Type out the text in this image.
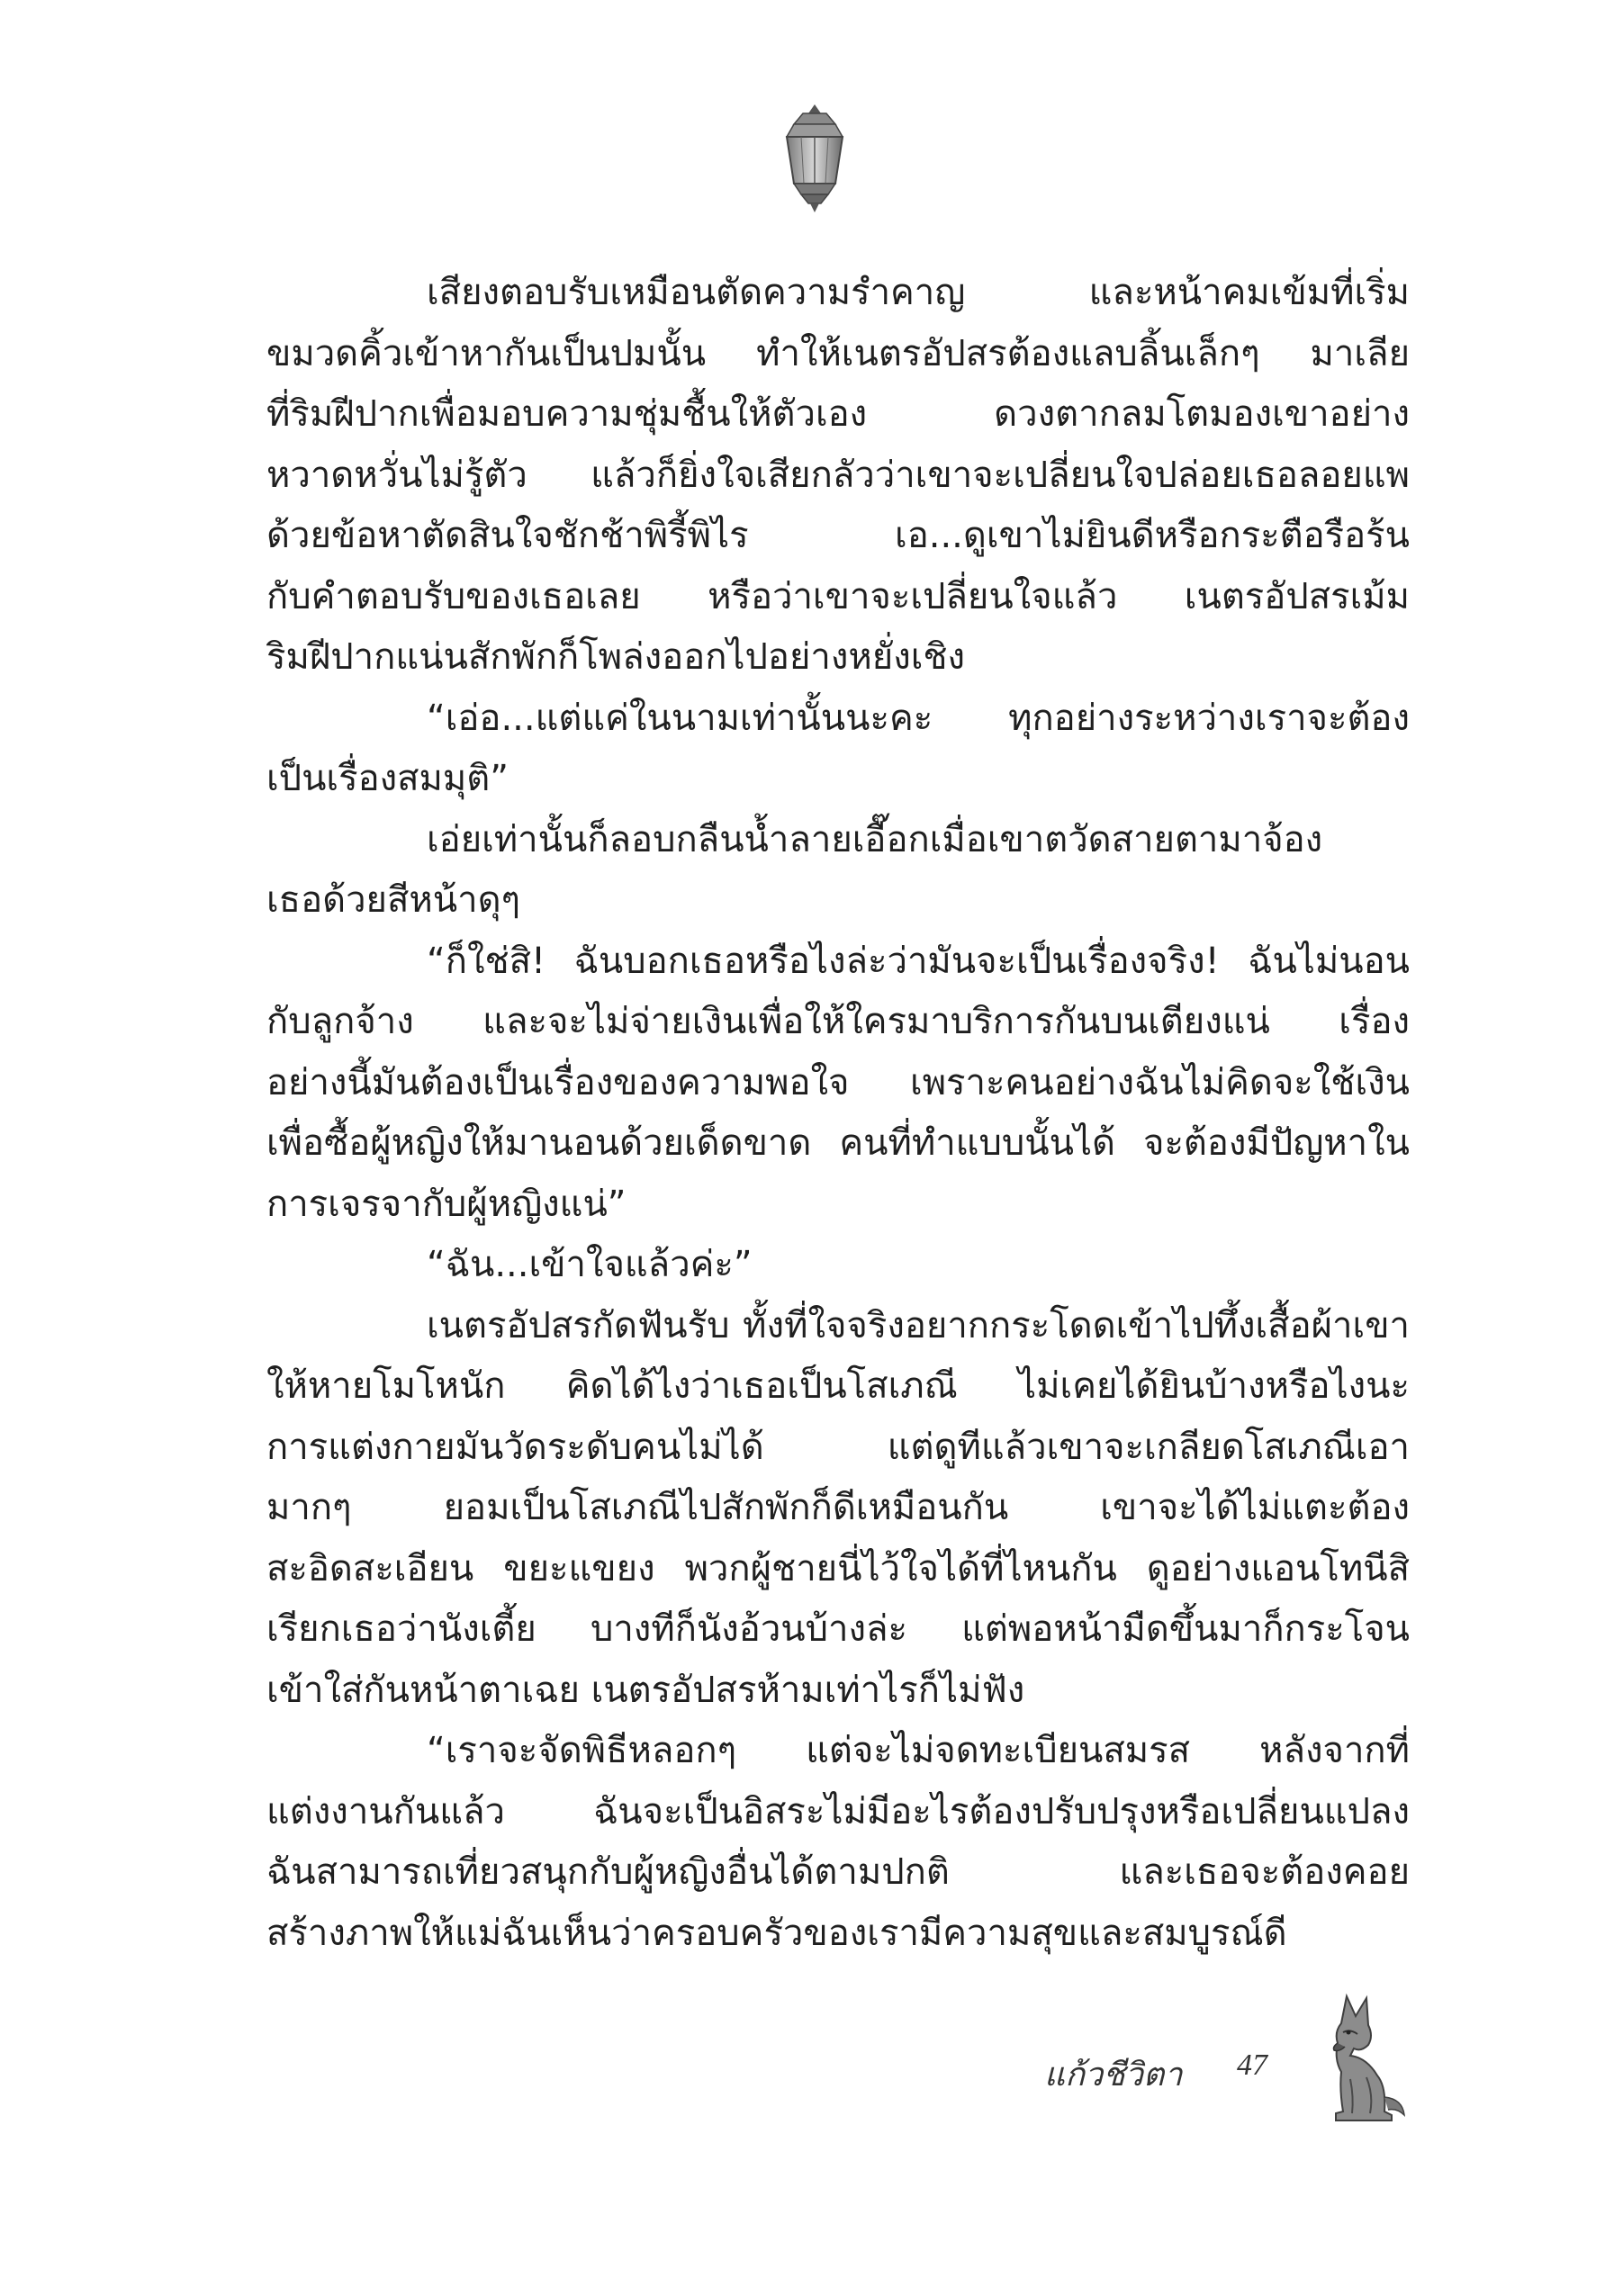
เสียงตอบรับเหมือนตัดความรำคาญ และหน้าคมเข้มที่เริ่ม
ขมวดคิ้วเข้าหากันเป็นปมนั้น ทำให้เนตรอัปสรต้องแลบลิ้นเล็กๆ มาเลีย
ที่ริมฝีปากเพื่อมอบความชุ่มชื้นให้ตัวเอง ดวงตากลมโตมองเขาอย่าง
หวาดหวั่นไม่รู้ตัว แล้วก็ยิ่งใจเสียกลัวว่าเขาจะเปลี่ยนใจปล่อยเธอลอยแพ
ด้วยข้อหาตัดสินใจชักช้าพิรี้พิไร เอ...ดูเขาไม่ยินดีหรือกระตือรือร้น
กับคำตอบรับของเธอเลย หรือว่าเขาจะเปลี่ยนใจแล้ว เนตรอัปสรเม้ม
ริมฝีปากแน่นสักพักก็โพล่งออกไปอย่างหยั่งเชิง
“เอ่อ...แต่แค่ในนามเท่านั้นนะคะ ทุกอย่างระหว่างเราจะต้อง
เป็นเรื่องสมมุติ”
เอ่ยเท่านั้นก็ลอบกลืนน้ำลายเอื๊อกเมื่อเขาตวัดสายตามาจ้อง
เธอด้วยสีหน้าดุๆ
“ก็ใช่สิ! ฉันบอกเธอหรือไงล่ะว่ามันจะเป็นเรื่องจริง! ฉันไม่นอน
กับลูกจ้าง และจะไม่จ่ายเงินเพื่อให้ใครมาบริการกันบนเตียงแน่ เรื่อง
อย่างนี้มันต้องเป็นเรื่องของความพอใจ เพราะคนอย่างฉันไม่คิดจะใช้เงิน
เพื่อซื้อผู้หญิงให้มานอนด้วยเด็ดขาด คนที่ทำแบบนั้นได้ จะต้องมีปัญหาใน
การเจรจากับผู้หญิงแน่”
“ฉัน...เข้าใจแล้วค่ะ”
เนตรอัปสรกัดฟันรับ ทั้งที่ใจจริงอยากกระโดดเข้าไปทึ้งเสื้อผ้าเขา
ให้หายโมโหนัก คิดได้ไงว่าเธอเป็นโสเภณี ไม่เคยได้ยินบ้างหรือไงนะ
การแต่งกายมันวัดระดับคนไม่ได้ แต่ดูทีแล้วเขาจะเกลียดโสเภณีเอา
มากๆ ยอมเป็นโสเภณีไปสักพักก็ดีเหมือนกัน เขาจะได้ไม่แตะต้อง
สะอิดสะเอียน ขยะแขยง พวกผู้ชายนี่ไว้ใจได้ที่ไหนกัน ดูอย่างแอนโทนีสิ
เรียกเธอว่านังเตี้ย บางทีก็นังอ้วนบ้างล่ะ แต่พอหน้ามืดขึ้นมาก็กระโจน
เข้าใส่กันหน้าตาเฉย เนตรอัปสรห้ามเท่าไรก็ไม่ฟัง
“เราจะจัดพิธีหลอกๆ แต่จะไม่จดทะเบียนสมรส หลังจากที่
แต่งงานกันแล้ว ฉันจะเป็นอิสระไม่มีอะไรต้องปรับปรุงหรือเปลี่ยนแปลง
ฉันสามารถเที่ยวสนุกกับผู้หญิงอื่นได้ตามปกติ และเธอจะต้องคอย
สร้างภาพให้แม่ฉันเห็นว่าครอบครัวของเรามีความสุขและสมบูรณ์ดี
แก้วชีวิตา 47
